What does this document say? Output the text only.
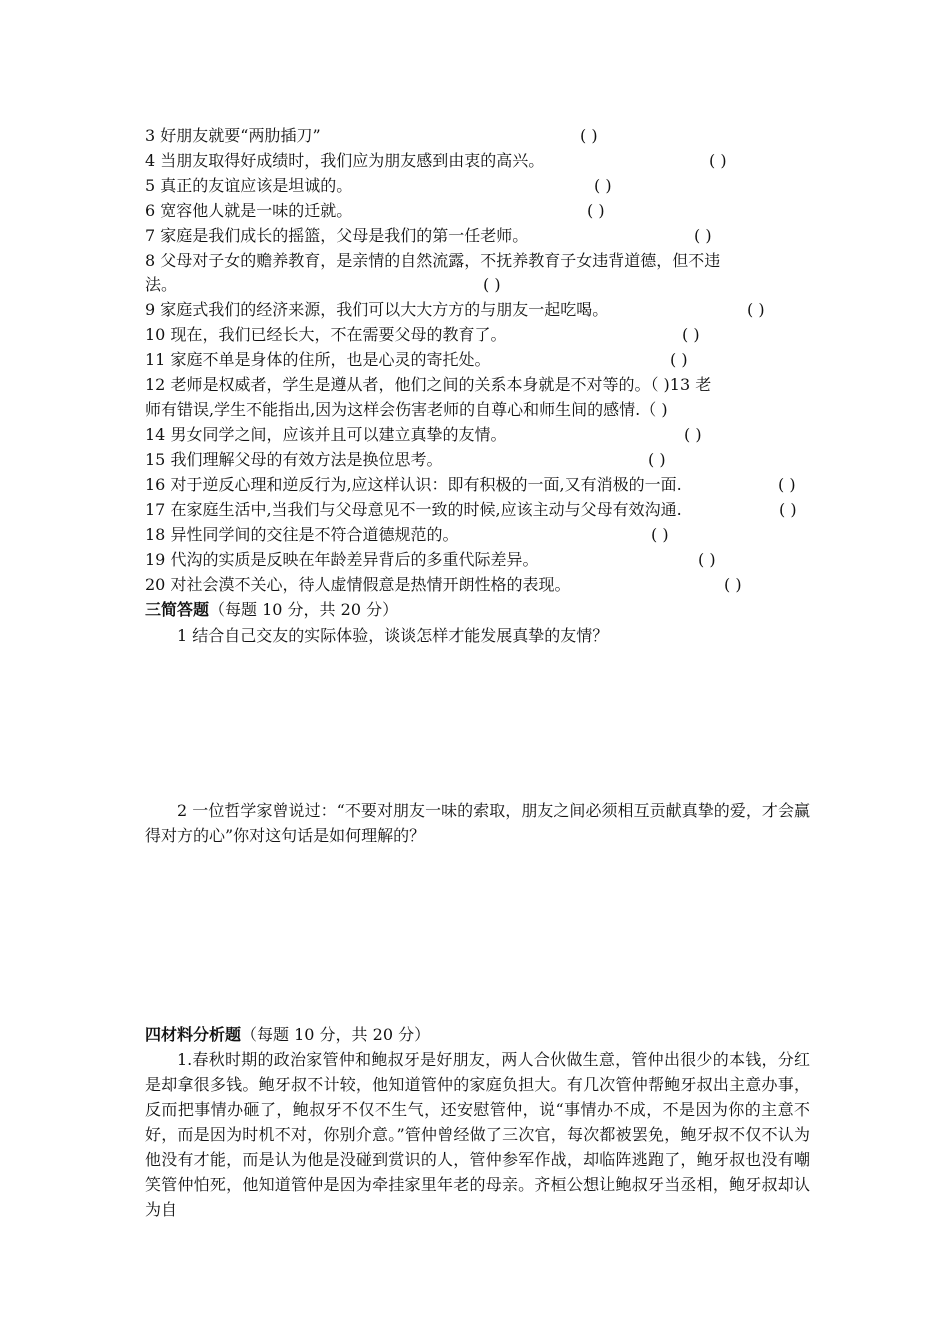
3 好朋友就要“两肋插刀”	( )
4 当朋友取得好成绩时，我们应为朋友感到由衷的高兴。	( )
5 真正的友谊应该是坦诚的。	( )
6 宽容他人就是一味的迁就。	( )
7 家庭是我们成长的摇篮，父母是我们的第一任老师。	( )
8 父母对子女的赡养教育，是亲情的自然流露，不抚养教育子女违背道德，但不违
法。	( )
9 家庭式我们的经济来源，我们可以大大方方的与朋友一起吃喝。	( )
10 现在，我们已经长大，不在需要父母的教育了。	( )
11 家庭不单是身体的住所，也是心灵的寄托处。	( )
12 老师是权威者，学生是遵从者，他们之间的关系本身就是不对等的。（ )13 老
师有错误,学生不能指出,因为这样会伤害老师的自尊心和师生间的感情.（ )
14 男女同学之间，应该并且可以建立真挚的友情。	( )
15 我们理解父母的有效方法是换位思考。	( )
16 对于逆反心理和逆反行为,应这样认识：即有积极的一面,又有消极的一面.	( )
17 在家庭生活中,当我们与父母意见不一致的时候,应该主动与父母有效沟通.	( )
18 异性同学间的交往是不符合道德规范的。	( )
19 代沟的实质是反映在年龄差异背后的多重代际差异。	( )
20 对社会漠不关心，待人虚情假意是热情开朗性格的表现。	( )
三简答题（每题 10 分，共 20 分）
1 结合自己交友的实际体验，谈谈怎样才能发展真挚的友情？
2 一位哲学家曾说过：“不要对朋友一味的索取，朋友之间必须相互贡献真挚的爱，才会赢得对方的心”你对这句话是如何理解的？
四材料分析题（每题 10 分，共 20 分）
1.春秋时期的政治家管仲和鲍叔牙是好朋友，两人合伙做生意，管仲出很少的本钱，分红是却拿很多钱。鲍牙叔不计较，他知道管仲的家庭负担大。有几次管仲帮鲍牙叔出主意办事，反而把事情办砸了，鲍叔牙不仅不生气，还安慰管仲，说“事情办不成，不是因为你的主意不好，而是因为时机不对，你别介意。”管仲曾经做了三次官，每次都被罢免，鲍牙叔不仅不认为他没有才能，而是认为他是没碰到赏识的人，管仲参军作战，却临阵逃跑了，鲍牙叔也没有嘲笑管仲怕死，他知道管仲是因为牵挂家里年老的母亲。齐桓公想让鲍叔牙当丞相，鲍牙叔却认为自
